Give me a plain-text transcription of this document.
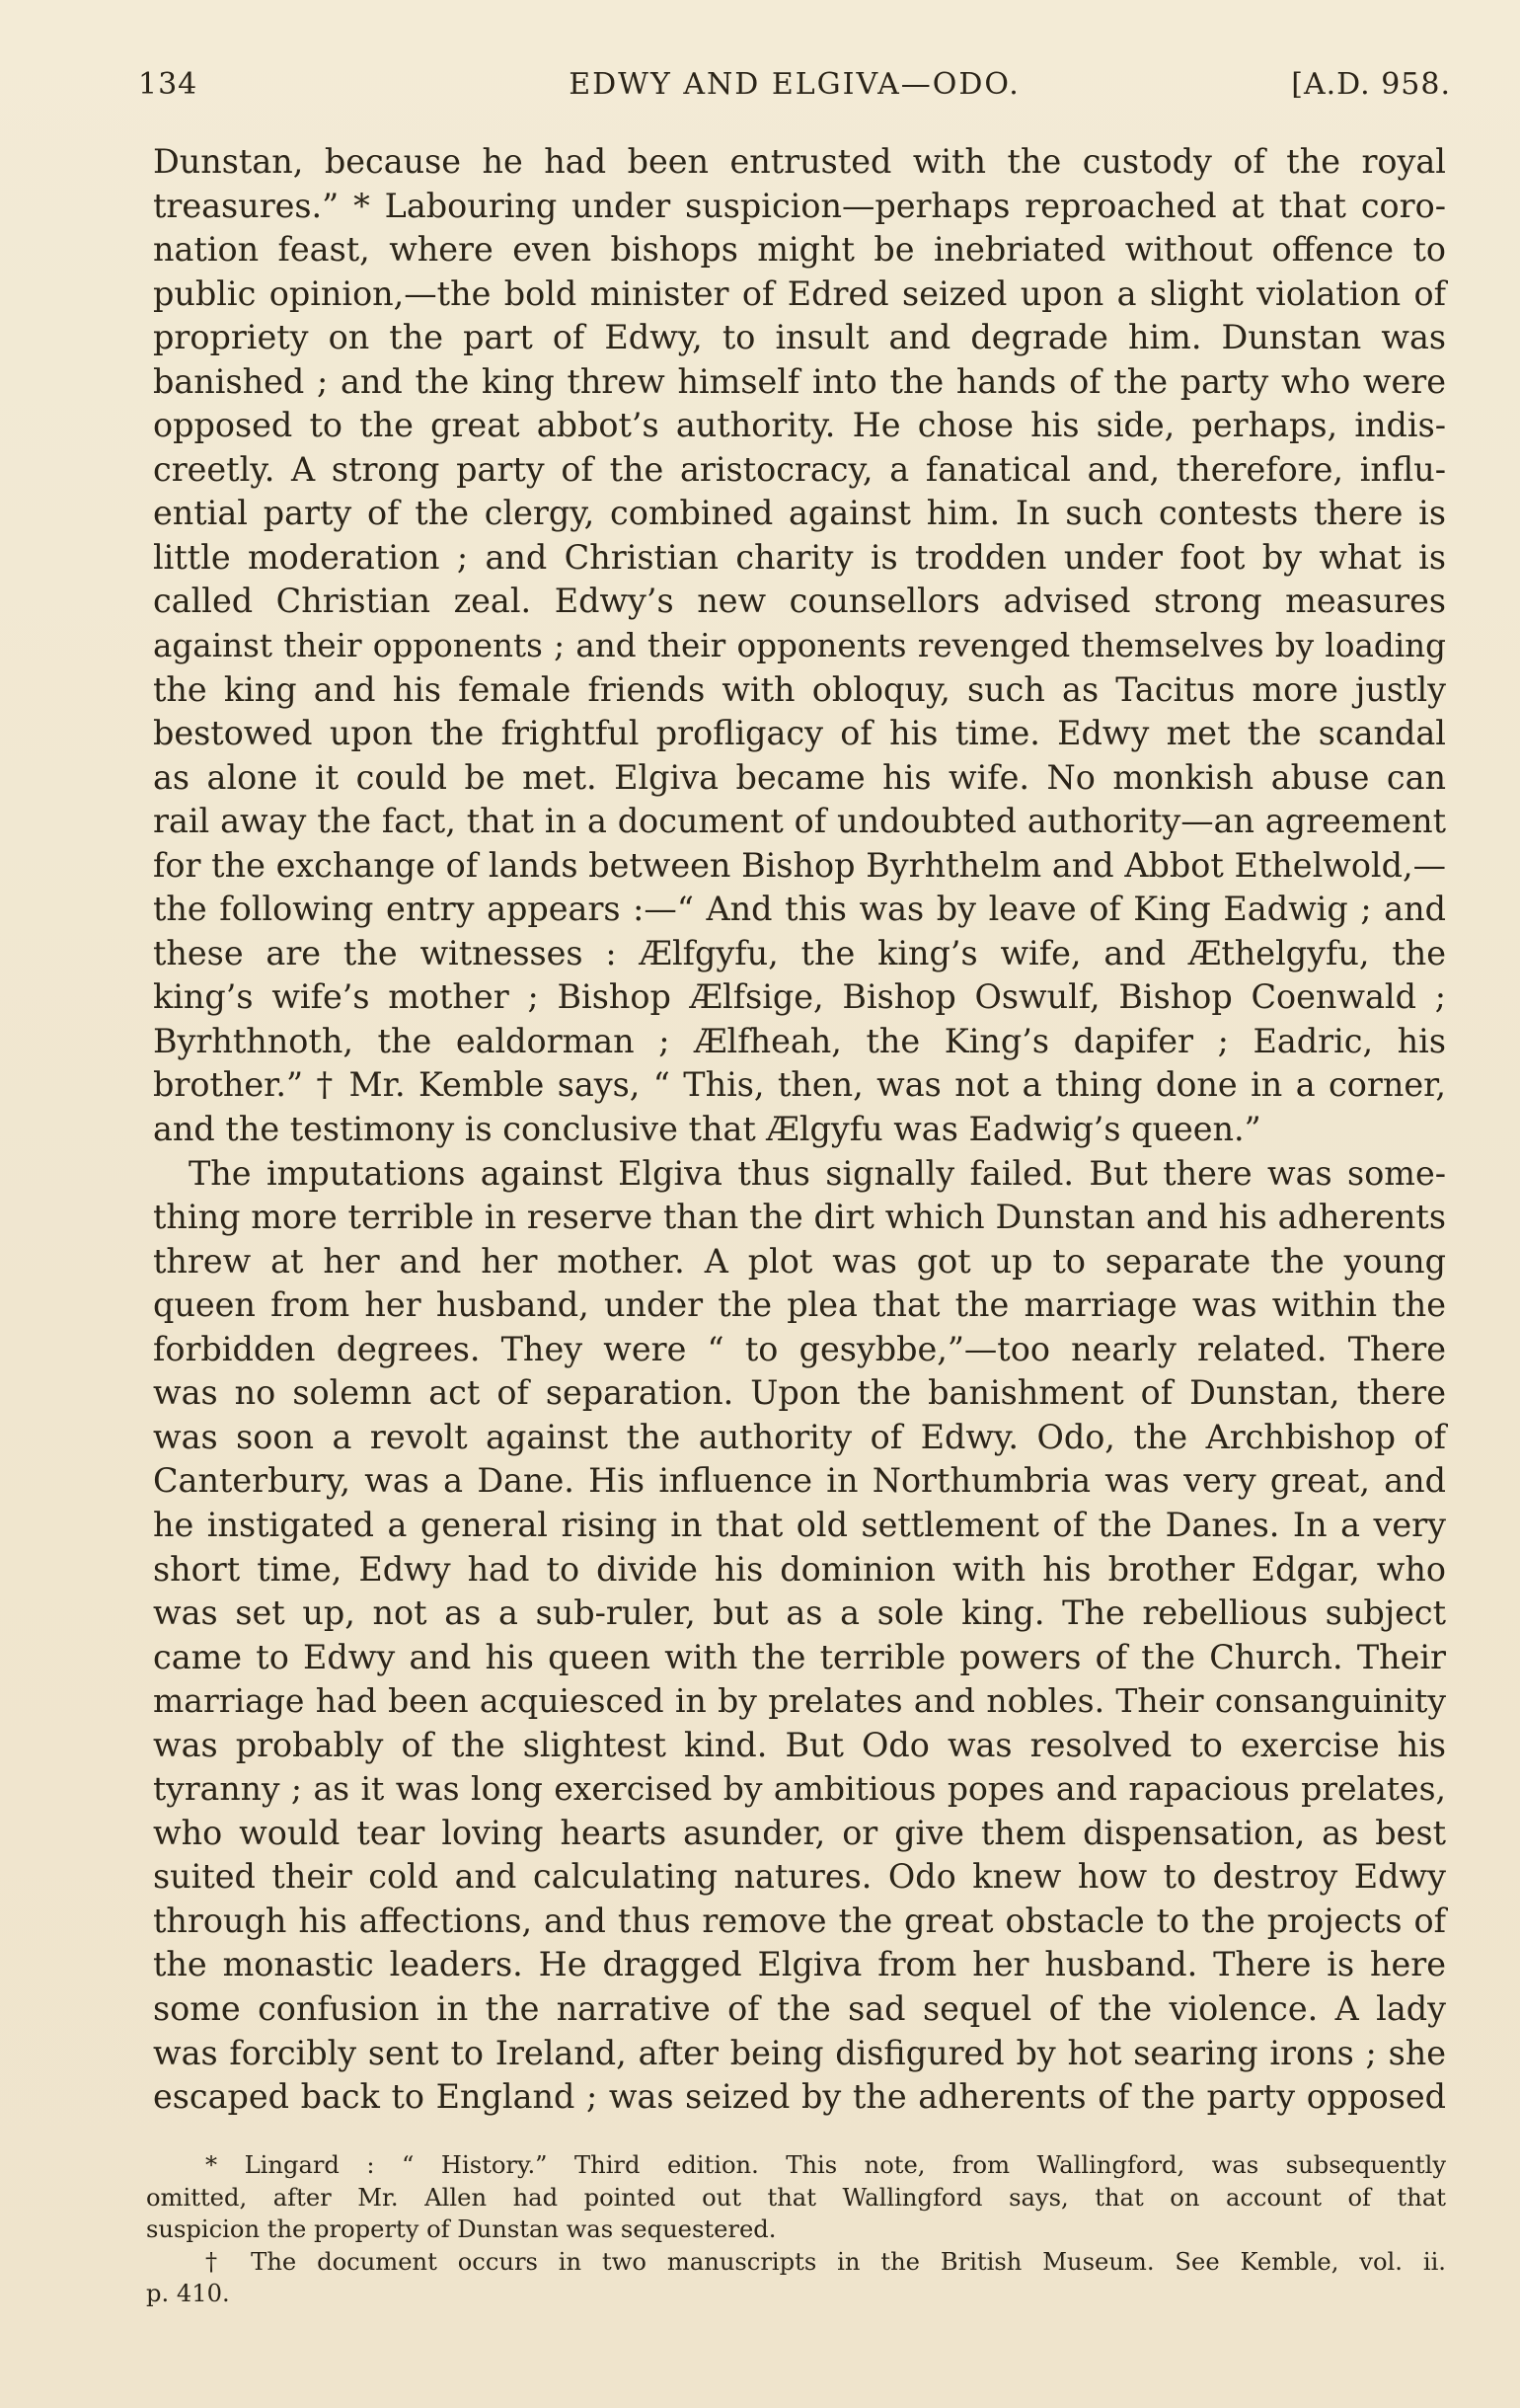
134	EDWY AND ELGIVA—ODO.	[A.D. 958.
Dunstan, because he had been entrusted with the custody of the royal
treasures.” * Labouring under suspicion—perhaps reproached at that coro-
nation feast, where even bishops might be inebriated without offence to
public opinion,—the bold minister of Edred seized upon a slight violation of
propriety on the part of Edwy, to insult and degrade him. Dunstan was
banished ; and the king threw himself into the hands of the party who were
opposed to the great abbot’s authority. He chose his side, perhaps, indis-
creetly. A strong party of the aristocracy, a fanatical and, therefore, influ-
ential party of the clergy, combined against him. In such contests there is
little moderation ; and Christian charity is trodden under foot by what is
called Christian zeal. Edwy’s new counsellors advised strong measures
against their opponents ; and their opponents revenged themselves by loading
the king and his female friends with obloquy, such as Tacitus more justly
bestowed upon the frightful profligacy of his time. Edwy met the scandal
as alone it could be met. Elgiva became his wife. No monkish abuse can
rail away the fact, that in a document of undoubted authority—an agreement
for the exchange of lands between Bishop Byrhthelm and Abbot Ethelwold,—
the following entry appears :—“ And this was by leave of King Eadwig ; and
these are the witnesses : Ælfgyfu, the king’s wife, and Æthelgyfu, the
king’s wife’s mother ; Bishop Ælfsige, Bishop Oswulf, Bishop Coenwald ;
Byrhthnoth, the ealdorman ; Ælfheah, the King’s dapifer ; Eadric, his
brother.” † Mr. Kemble says, “ This, then, was not a thing done in a corner,
and the testimony is conclusive that Ælgyfu was Eadwig’s queen.”
The imputations against Elgiva thus signally failed. But there was some-
thing more terrible in reserve than the dirt which Dunstan and his adherents
threw at her and her mother. A plot was got up to separate the young
queen from her husband, under the plea that the marriage was within the
forbidden degrees. They were “ to gesybbe,”—too nearly related. There
was no solemn act of separation. Upon the banishment of Dunstan, there
was soon a revolt against the authority of Edwy. Odo, the Archbishop of
Canterbury, was a Dane. His influence in Northumbria was very great, and
he instigated a general rising in that old settlement of the Danes. In a very
short time, Edwy had to divide his dominion with his brother Edgar, who
was set up, not as a sub-ruler, but as a sole king. The rebellious subject
came to Edwy and his queen with the terrible powers of the Church. Their
marriage had been acquiesced in by prelates and nobles. Their consanguinity
was probably of the slightest kind. But Odo was resolved to exercise his
tyranny ; as it was long exercised by ambitious popes and rapacious prelates,
who would tear loving hearts asunder, or give them dispensation, as best
suited their cold and calculating natures. Odo knew how to destroy Edwy
through his affections, and thus remove the great obstacle to the projects of
the monastic leaders. He dragged Elgiva from her husband. There is here
some confusion in the narrative of the sad sequel of the violence. A lady
was forcibly sent to Ireland, after being disfigured by hot searing irons ; she
escaped back to England ; was seized by the adherents of the party opposed
* Lingard : “ History.” Third edition. This note, from Wallingford, was subsequently
omitted, after Mr. Allen had pointed out that Wallingford says, that on account of that
suspicion the property of Dunstan was sequestered.
† The document occurs in two manuscripts in the British Museum. See Kemble, vol. ii.
p. 410.
